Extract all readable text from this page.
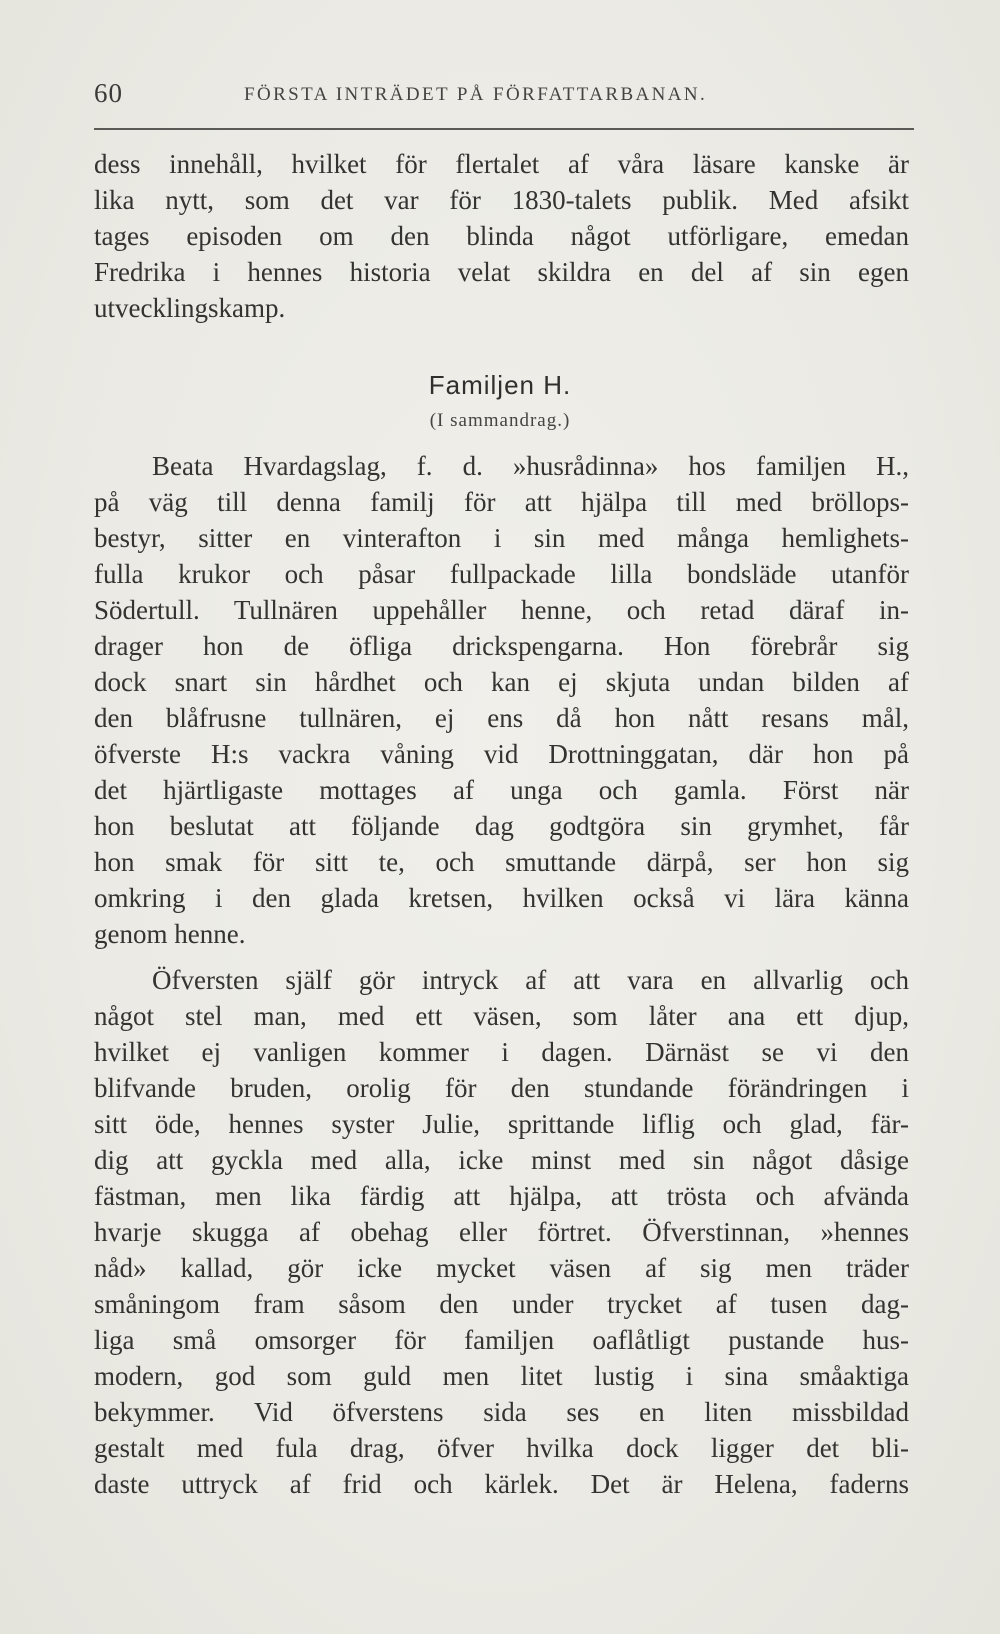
60	FÖRSTA INTRÄDET PÅ FÖRFATTARBANAN.
dess innehåll, hvilket för flertalet af våra läsare kanske är
lika nytt, som det var för 1830-talets publik. Med afsikt
tages episoden om den blinda något utförligare, emedan
Fredrika i hennes historia velat skildra en del af sin egen
utvecklingskamp.
Familjen H.
(I sammandrag.)
Beata Hvardagslag, f. d. »husrådinna» hos familjen H.,
på väg till denna familj för att hjälpa till med bröllops-
bestyr, sitter en vinterafton i sin med många hemlighets-
fulla krukor och påsar fullpackade lilla bondsläde utanför
Södertull. Tullnären uppehåller henne, och retad däraf in-
drager hon de öfliga drickspengarna. Hon förebrår sig
dock snart sin hårdhet och kan ej skjuta undan bilden af
den blåfrusne tullnären, ej ens då hon nått resans mål,
öfverste H:s vackra våning vid Drottninggatan, där hon på
det hjärtligaste mottages af unga och gamla. Först när
hon beslutat att följande dag godtgöra sin grymhet, får
hon smak för sitt te, och smuttande därpå, ser hon sig
omkring i den glada kretsen, hvilken också vi lära känna
genom henne.
Öfversten själf gör intryck af att vara en allvarlig och
något stel man, med ett väsen, som låter ana ett djup,
hvilket ej vanligen kommer i dagen. Därnäst se vi den
blifvande bruden, orolig för den stundande förändringen i
sitt öde, hennes syster Julie, sprittande liflig och glad, fär-
dig att gyckla med alla, icke minst med sin något dåsige
fästman, men lika färdig att hjälpa, att trösta och afvända
hvarje skugga af obehag eller förtret. Öfverstinnan, »hennes
nåd» kallad, gör icke mycket väsen af sig men träder
småningom fram såsom den under trycket af tusen dag-
liga små omsorger för familjen oaflåtligt pustande hus-
modern, god som guld men litet lustig i sina småaktiga
bekymmer. Vid öfverstens sida ses en liten missbildad
gestalt med fula drag, öfver hvilka dock ligger det bli-
daste uttryck af frid och kärlek. Det är Helena, faderns
